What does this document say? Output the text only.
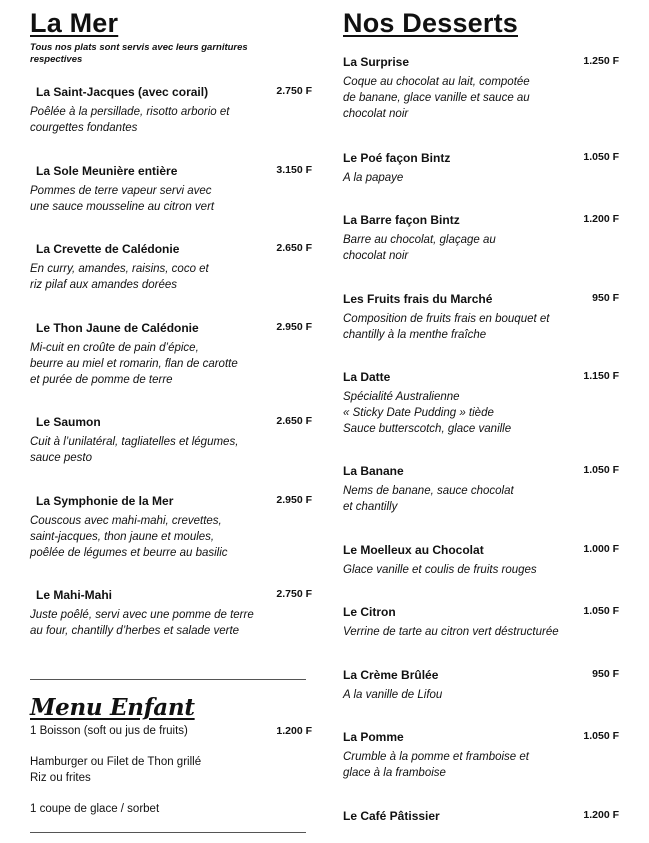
La Mer
Tous nos plats sont servis avec leurs garnitures respectives
La Saint-Jacques (avec corail)	2.750 F
Poêlée à la persillade, risotto arborio et
courgettes fondantes
La Sole Meunière entière	3.150 F
Pommes de terre vapeur servi avec
une sauce mousseline au citron vert
La Crevette de Calédonie	2.650 F
En curry, amandes, raisins, coco et
riz pilaf aux amandes dorées
Le Thon Jaune de Calédonie	2.950 F
Mi-cuit en croûte de pain d’épice,
beurre au miel et romarin, flan de carotte
et purée de pomme de terre
Le Saumon	2.650 F
Cuit à l’unilatéral, tagliatelles et légumes,
sauce pesto
La Symphonie de la Mer	2.950 F
Couscous avec mahi-mahi, crevettes,
saint-jacques, thon jaune et moules,
poêlée de légumes et beurre au basilic
Le Mahi-Mahi	2.750 F
Juste poêlé, servi avec une pomme de terre
au four, chantilly d’herbes et salade verte
Menu Enfant
1 Boisson (soft ou jus de fruits)	1.200 F
Hamburger ou Filet de Thon grillé
Riz ou frites
1 coupe de glace / sorbet
Nos Desserts
La Surprise	1.250 F
Coque au chocolat au lait, compotée
de banane, glace vanille et sauce au
chocolat noir
Le Poé façon Bintz	1.050 F
A la papaye
La Barre façon Bintz	1.200 F
Barre au chocolat, glaçage au
chocolat noir
Les Fruits frais du Marché	950 F
Composition de fruits frais en bouquet et
chantilly à la menthe fraîche
La Datte	1.150 F
Spécialité Australienne
« Sticky Date Pudding » tiède
Sauce butterscotch, glace vanille
La Banane	1.050 F
Nems de banane, sauce chocolat
et chantilly
Le Moelleux au Chocolat	1.000 F
Glace vanille et coulis de fruits rouges
Le Citron	1.050 F
Verrine de tarte au citron vert déstructurée
La Crème Brûlée	950 F
A la vanille de Lifou
La Pomme	1.050 F
Crumble à la pomme et framboise et
glace à la framboise
Le Café Pâtissier	1.200 F
